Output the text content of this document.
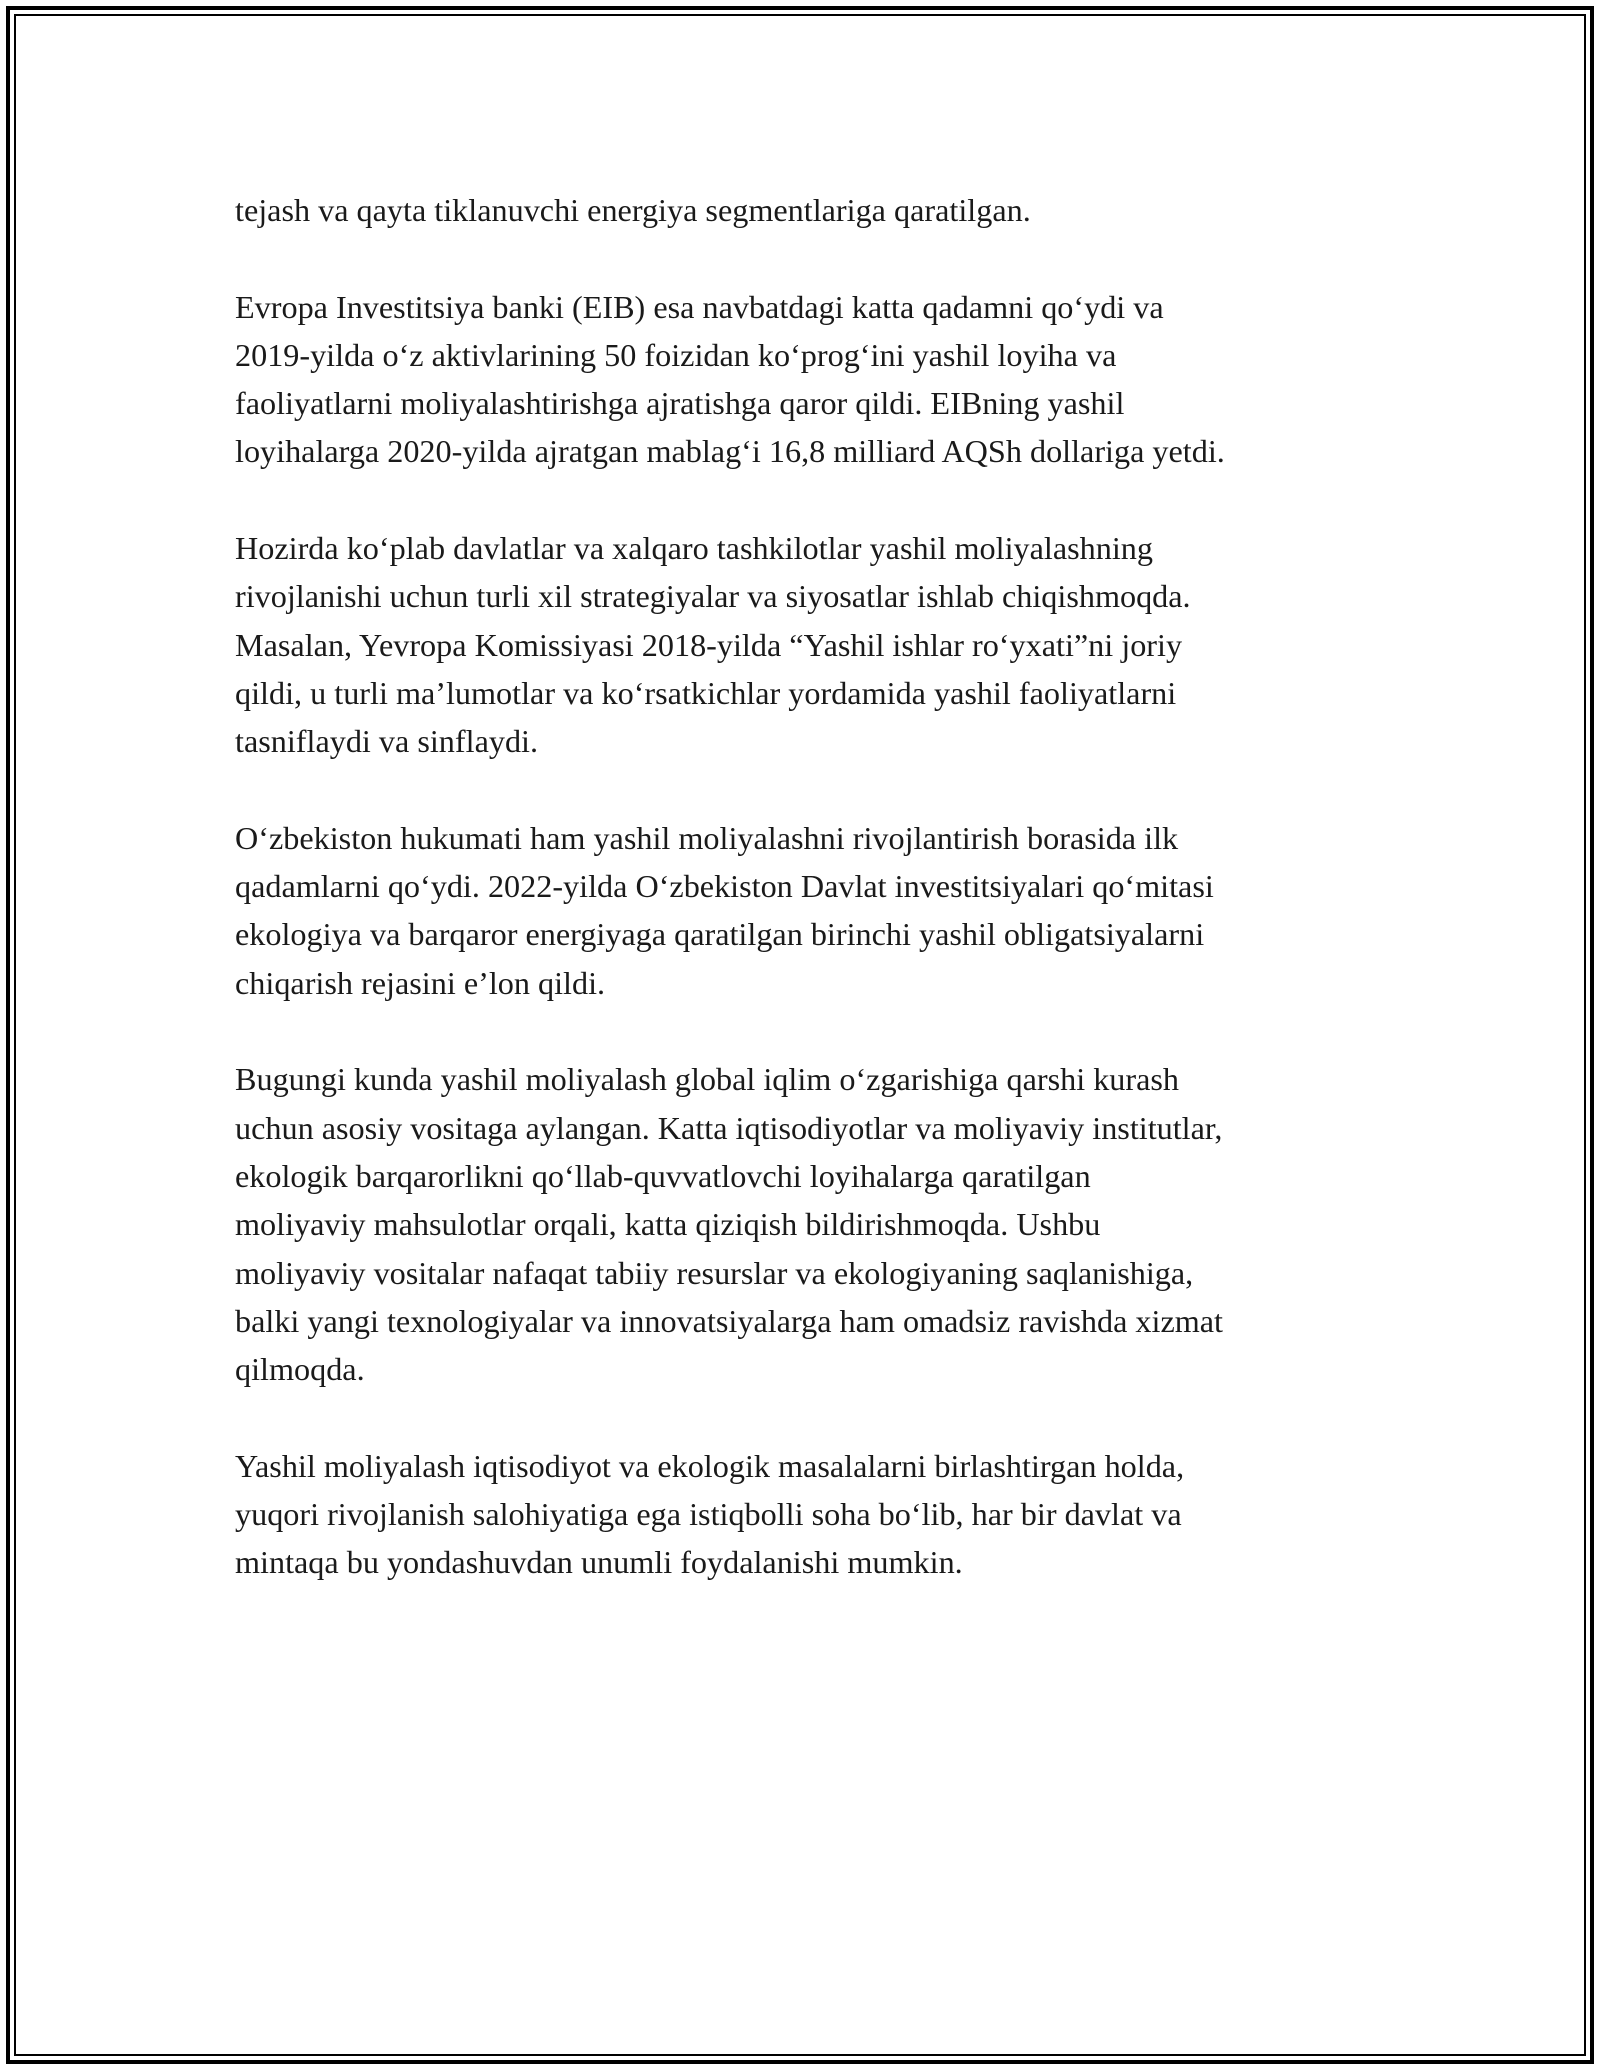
tejash va qayta tiklanuvchi energiya segmentlariga qaratilgan.

Evropa Investitsiya banki (EIB) esa navbatdagi katta qadamni qo‘ydi va
2019-yilda o‘z aktivlarining 50 foizidan ko‘prog‘ini yashil loyiha va
faoliyatlarni moliyalashtirishga ajratishga qaror qildi. EIBning yashil
loyihalarga 2020-yilda ajratgan mablag‘i 16,8 milliard AQSh dollariga yetdi.

Hozirda ko‘plab davlatlar va xalqaro tashkilotlar yashil moliyalashning
rivojlanishi uchun turli xil strategiyalar va siyosatlar ishlab chiqishmoqda.
Masalan, Yevropa Komissiyasi 2018-yilda “Yashil ishlar ro‘yxati”ni joriy
qildi, u turli ma’lumotlar va ko‘rsatkichlar yordamida yashil faoliyatlarni
tasniflaydi va sinflaydi.

O‘zbekiston hukumati ham yashil moliyalashni rivojlantirish borasida ilk
qadamlarni qo‘ydi. 2022-yilda O‘zbekiston Davlat investitsiyalari qo‘mitasi
ekologiya va barqaror energiyaga qaratilgan birinchi yashil obligatsiyalarni
chiqarish rejasini e’lon qildi.

Bugungi kunda yashil moliyalash global iqlim o‘zgarishiga qarshi kurash
uchun asosiy vositaga aylangan. Katta iqtisodiyotlar va moliyaviy institutlar,
ekologik barqarorlikni qo‘llab-quvvatlovchi loyihalarga qaratilgan
moliyaviy mahsulotlar orqali, katta qiziqish bildirishmoqda. Ushbu
moliyaviy vositalar nafaqat tabiiy resurslar va ekologiyaning saqlanishiga,
balki yangi texnologiyalar va innovatsiyalarga ham omadsiz ravishda xizmat
qilmoqda.

Yashil moliyalash iqtisodiyot va ekologik masalalarni birlashtirgan holda,
yuqori rivojlanish salohiyatiga ega istiqbolli soha bo‘lib, har bir davlat va
mintaqa bu yondashuvdan unumli foydalanishi mumkin.
